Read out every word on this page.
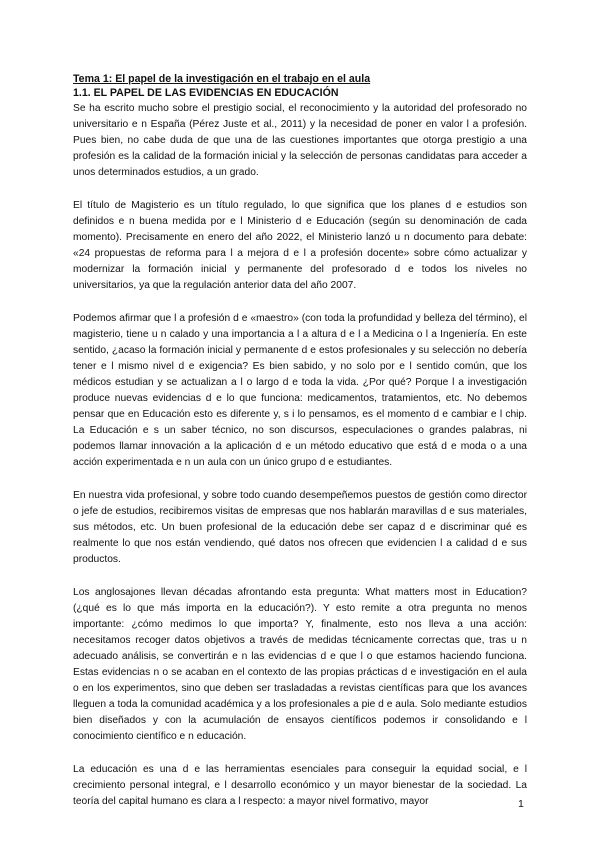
Tema 1: El papel de la investigación en el trabajo en el aula
1.1. EL PAPEL DE LAS EVIDENCIAS EN EDUCACIÓN

Se ha escrito mucho sobre el prestigio social, el reconocimiento y la autoridad del profesorado no universitario e n España (Pérez Juste et al., 2011) y la necesidad de poner en valor l a profesión. Pues bien, no cabe duda de que una de las cuestiones importantes que otorga prestigio a una profesión es la calidad de la formación inicial y la selección de personas candidatas para acceder a unos determinados estudios, a un grado.

El título de Magisterio es un título regulado, lo que significa que los planes d e estudios son definidos e n buena medida por e l Ministerio d e Educación (según su denominación de cada momento). Precisamente en enero del año 2022, el Ministerio lanzó u n documento para debate: «24 propuestas de reforma para l a mejora d e l a profesión docente» sobre cómo actualizar y modernizar la formación inicial y permanente del profesorado d e todos los niveles no universitarios, ya que la regulación anterior data del año 2007.

Podemos afirmar que l a profesión d e «maestro» (con toda la profundidad y belleza del término), el magisterio, tiene u n calado y una importancia a l a altura d e l a Medicina o l a Ingeniería. En este sentido, ¿acaso la formación inicial y permanente d e estos profesionales y su selección no debería tener e l mismo nivel d e exigencia? Es bien sabido, y no solo por e l sentido común, que los médicos estudian y se actualizan a l o largo d e toda la vida. ¿Por qué? Porque l a investigación produce nuevas evidencias d e lo que funciona: medicamentos, tratamientos, etc. No debemos pensar que en Educación esto es diferente y, s i lo pensamos, es el momento d e cambiar e l chip. La Educación e s un saber técnico, no son discursos, especulaciones o grandes palabras, ni podemos llamar innovación a la aplicación d e un método educativo que está d e moda o a una acción experimentada e n un aula con un único grupo d e estudiantes.

En nuestra vida profesional, y sobre todo cuando desempeñemos puestos de gestión como director o jefe de estudios, recibiremos visitas de empresas que nos hablarán maravillas d e sus materiales, sus métodos, etc. Un buen profesional de la educación debe ser capaz d e discriminar qué es realmente lo que nos están vendiendo, qué datos nos ofrecen que evidencien l a calidad d e sus productos.

Los anglosajones llevan décadas afrontando esta pregunta: What matters most in Education? (¿qué es lo que más importa en la educación?). Y esto remite a otra pregunta no menos importante: ¿cómo medimos lo que importa? Y, finalmente, esto nos lleva a una acción: necesitamos recoger datos objetivos a través de medidas técnicamente correctas que, tras u n adecuado análisis, se convertirán e n las evidencias d e que l o que estamos haciendo funciona. Estas evidencias n o se acaban en el contexto de las propias prácticas d e investigación en el aula o en los experimentos, sino que deben ser trasladadas a revistas científicas para que los avances lleguen a toda la comunidad académica y a los profesionales a pie d e aula. Solo mediante estudios bien diseñados y con la acumulación de ensayos científicos podemos ir consolidando e l conocimiento científico e n educación.

La educación es una d e las herramientas esenciales para conseguir la equidad social, e l crecimiento personal integral, e l desarrollo económico y un mayor bienestar de la sociedad. La teoría del capital humano es clara a l respecto: a mayor nivel formativo, mayor	1
